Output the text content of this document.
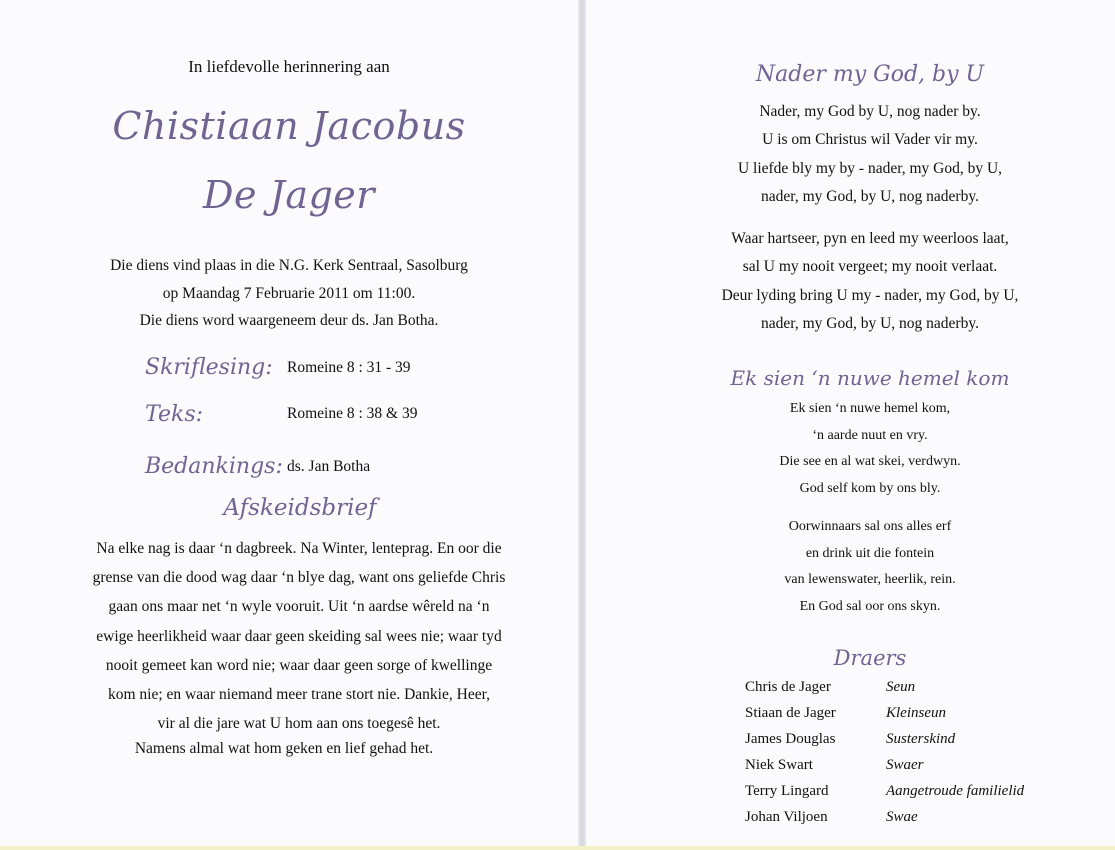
In liefdevolle herinnering aan
Chistiaan Jacobus
De Jager
Die diens vind plaas in die N.G. Kerk Sentraal, Sasolburg
op Maandag 7 Februarie 2011 om 11:00.
Die diens word waargeneem deur ds. Jan Botha.
Skriflesing: Romeine 8 : 31 - 39
Teks:	Romeine 8 : 38 & 39
Bedankings: ds. Jan Botha
Afskeidsbrief
Na elke nag is daar ‘n dagbreek. Na Winter, lenteprag. En oor die
grense van die dood wag daar ‘n blye dag, want ons geliefde Chris
gaan ons maar net ‘n wyle vooruit. Uit ‘n aardse wêreld na ‘n
ewige heerlikheid waar daar geen skeiding sal wees nie; waar tyd
nooit gemeet kan word nie; waar daar geen sorge of kwellinge
kom nie; en waar niemand meer trane stort nie. Dankie, Heer,
vir al die jare wat U hom aan ons toegesê het.
Namens almal wat hom geken en lief gehad het.
Nader my God, by U
Nader, my God by U, nog nader by.
U is om Christus wil Vader vir my.
U liefde bly my by - nader, my God, by U,
nader, my God, by U, nog naderby.
Waar hartseer, pyn en leed my weerloos laat,
sal U my nooit vergeet; my nooit verlaat.
Deur lyding bring U my - nader, my God, by U,
nader, my God, by U, nog naderby.
Ek sien ‘n nuwe hemel kom
Ek sien ‘n nuwe hemel kom,
‘n aarde nuut en vry.
Die see en al wat skei, verdwyn.
God self kom by ons bly.
Oorwinnaars sal ons alles erf
en drink uit die fontein
van lewenswater, heerlik, rein.
En God sal oor ons skyn.
Draers
Chris de Jager	Seun
Stiaan de Jager	Kleinseun
James Douglas	Susterskind
Niek Swart	Swaer
Terry Lingard	Aangetroude familielid
Johan Viljoen	Swae
